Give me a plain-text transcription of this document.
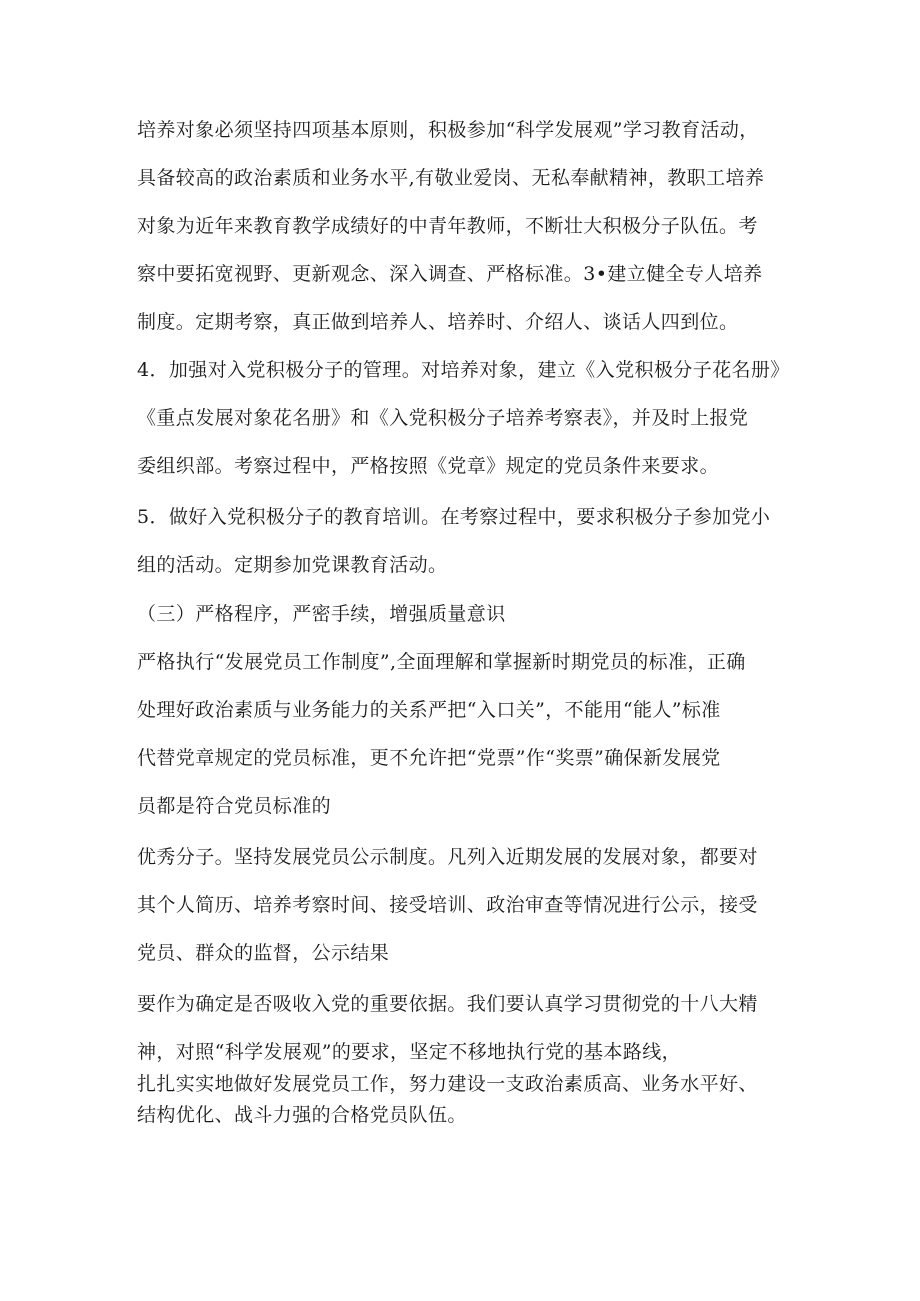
培养对象必须坚持四项基本原则，积极参加“科学发展观”学习教育活动，
具备较高的政治素质和业务水平,有敬业爱岗、无私奉献精神，教职工培养
对象为近年来教育教学成绩好的中青年教师，不断壮大积极分子队伍。考
察中要拓宽视野、更新观念、深入调查、严格标准。3•建立健全专人培养
制度。定期考察，真正做到培养人、培养时、介绍人、谈话人四到位。
4．加强对入党积极分子的管理。对培养对象，建立《入党积极分子花名册》
《重点发展对象花名册》和《入党积极分子培养考察表》，并及时上报党
委组织部。考察过程中，严格按照《党章》规定的党员条件来要求。
5．做好入党积极分子的教育培训。在考察过程中，要求积极分子参加党小
组的活动。定期参加党课教育活动。
（三）严格程序，严密手续，增强质量意识
严格执行“发展党员工作制度”,全面理解和掌握新时期党员的标准，正确
处理好政治素质与业务能力的关系严把“入口关”，不能用“能人”标准
代替党章规定的党员标准，更不允许把“党票”作“奖票”确保新发展党
员都是符合党员标准的
优秀分子。坚持发展党员公示制度。凡列入近期发展的发展对象，都要对
其个人简历、培养考察时间、接受培训、政治审查等情况进行公示，接受
党员、群众的监督，公示结果
要作为确定是否吸收入党的重要依据。我们要认真学习贯彻党的十八大精
神，对照“科学发展观”的要求，坚定不移地执行党的基本路线，
扎扎实实地做好发展党员工作，努力建设一支政治素质高、业务水平好、
结构优化、战斗力强的合格党员队伍。
